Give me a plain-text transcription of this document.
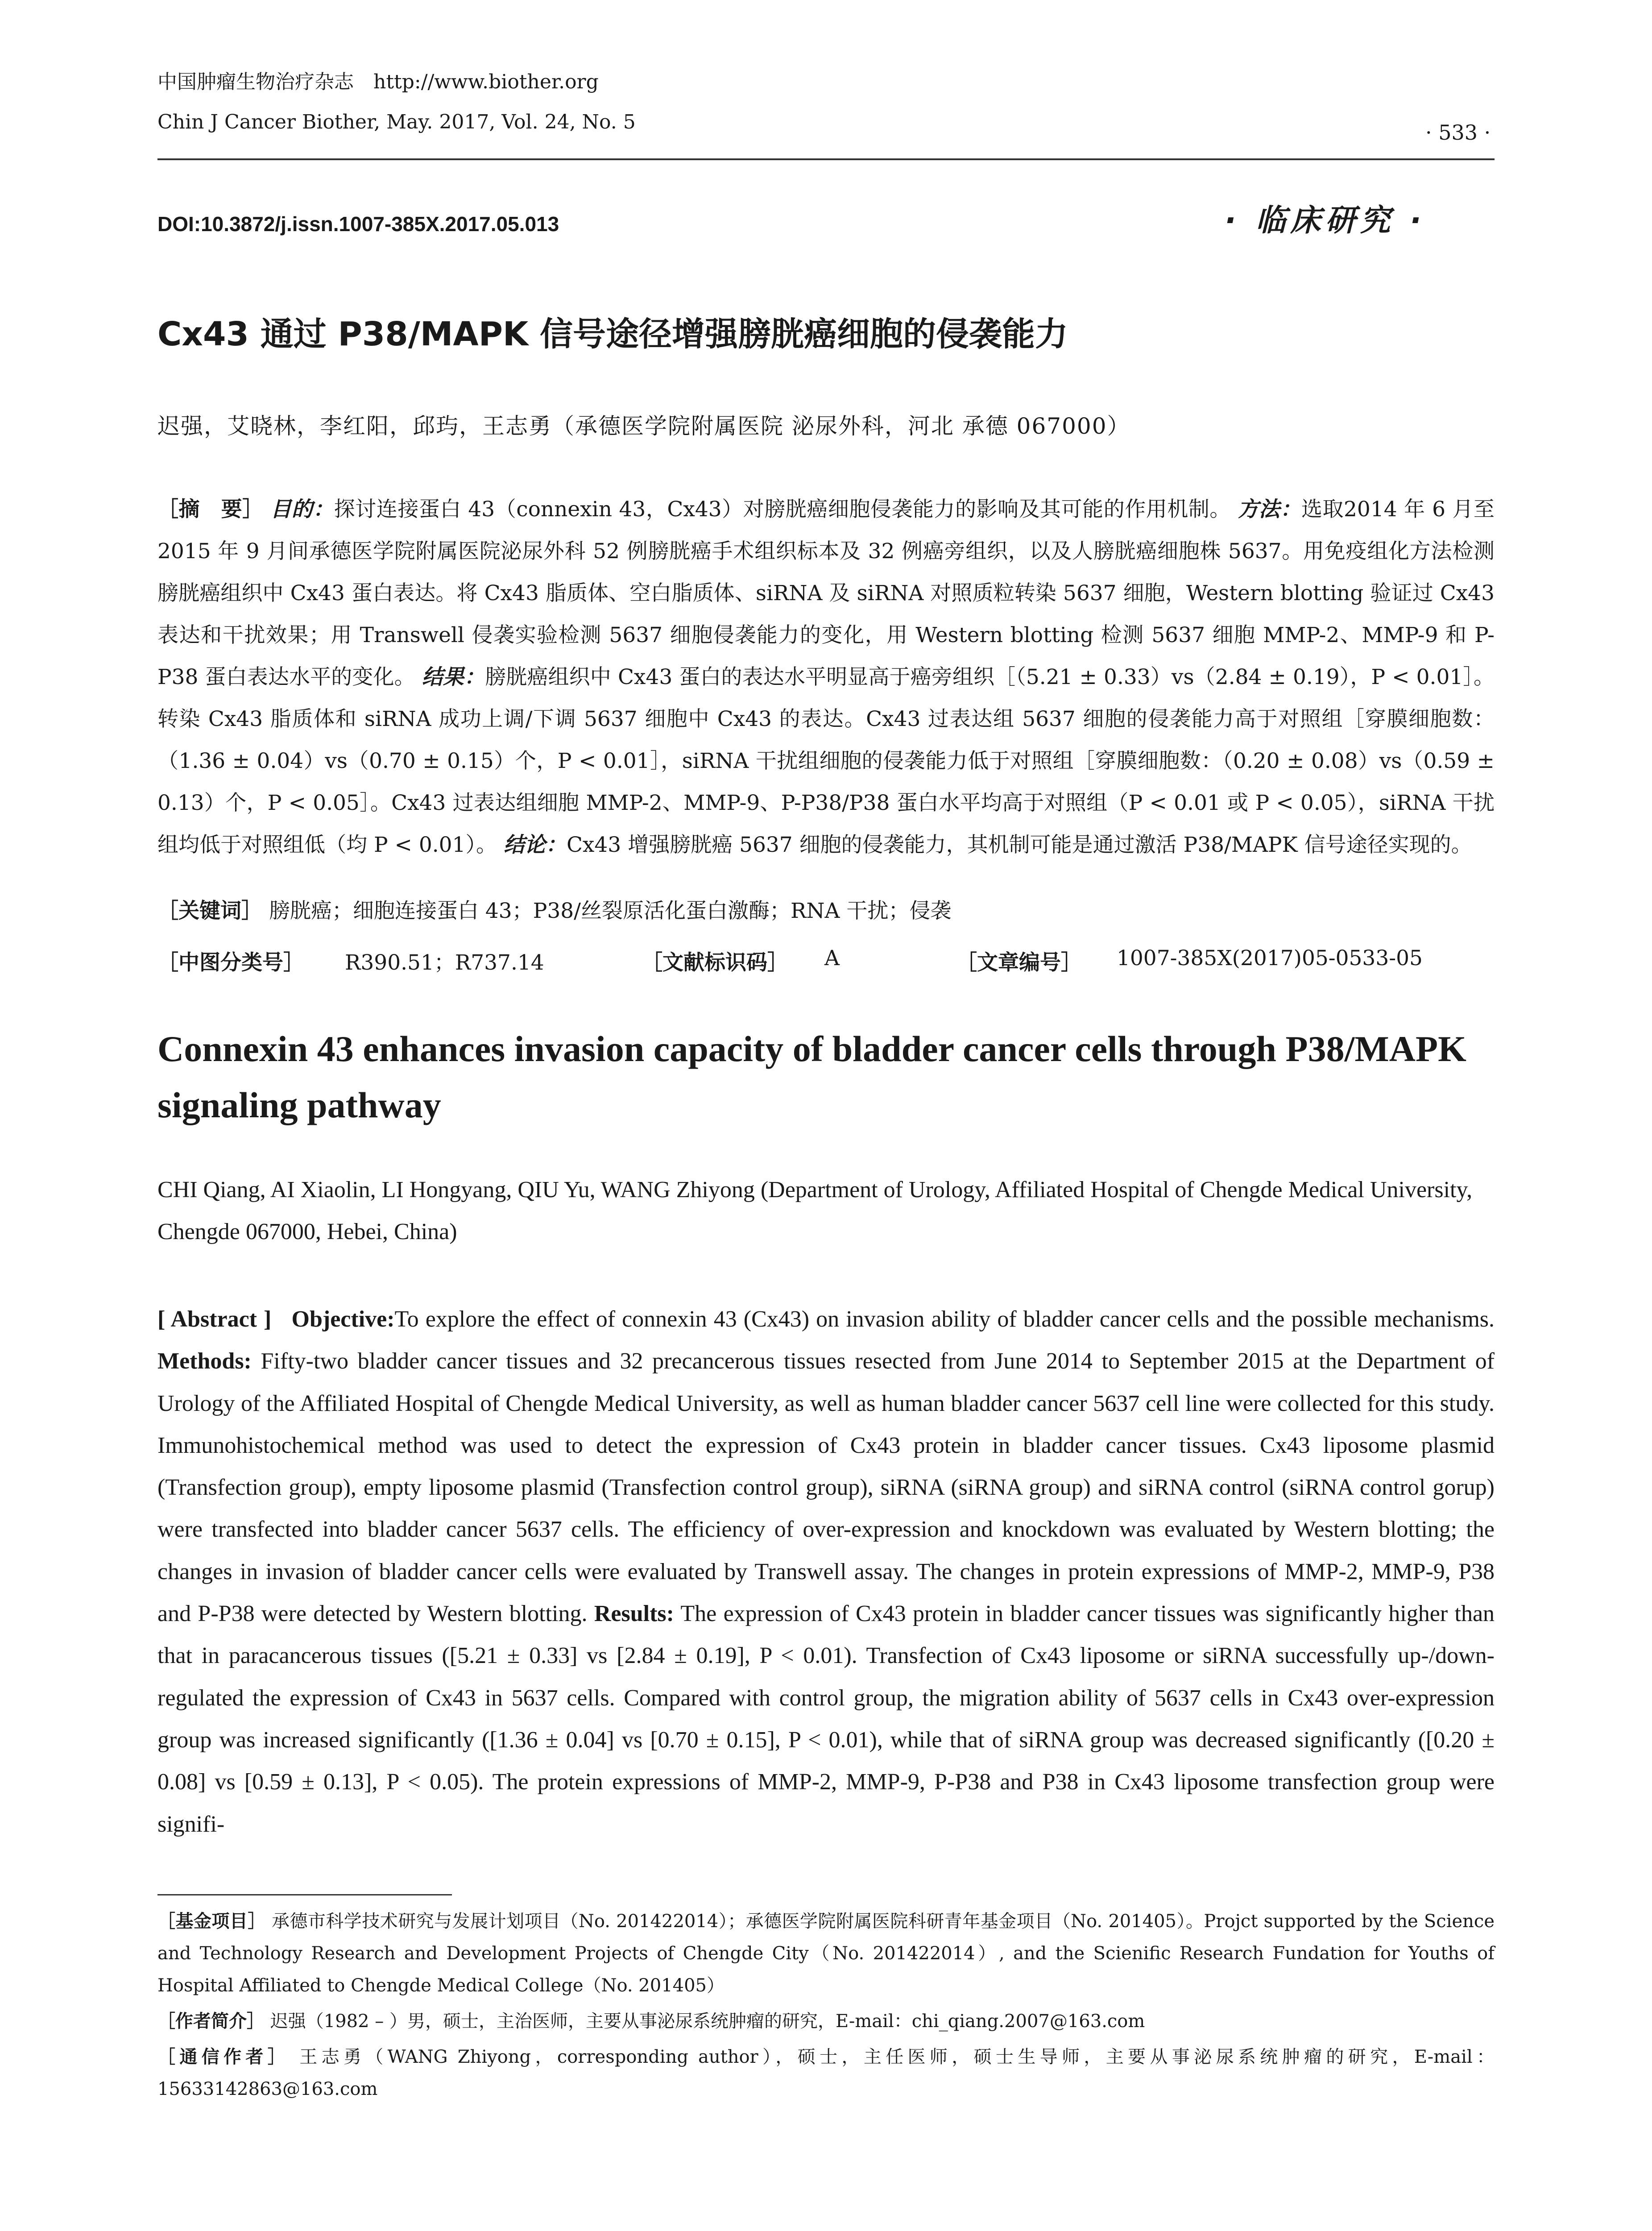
中国肿瘤生物治疗杂志　http://www.biother.org
Chin J Cancer Biother, May. 2017, Vol. 24, No. 5	· 533 ·
DOI:10.3872/j.issn.1007-385X.2017.05.013	· 临床研究 ·
Cx43 通过 P38/MAPK 信号途径增强膀胱癌细胞的侵袭能力
迟强，艾晓林，李红阳，邱玙，王志勇（承德医学院附属医院 泌尿外科，河北 承德 067000）

［摘　要］ 目的：探讨连接蛋白 43（connexin 43，Cx43）对膀胱癌细胞侵袭能力的影响及其可能的作用机制。 方法：选取2014 年 6 月至 2015 年 9 月间承德医学院附属医院泌尿外科 52 例膀胱癌手术组织标本及 32 例癌旁组织，以及人膀胱癌细胞株 5637。用免疫组化方法检测膀胱癌组织中 Cx43 蛋白表达。将 Cx43 脂质体、空白脂质体、siRNA 及 siRNA 对照质粒转染 5637 细胞，Western blotting 验证过 Cx43 表达和干扰效果；用 Transwell 侵袭实验检测 5637 细胞侵袭能力的变化，用 Western blotting 检测 5637 细胞 MMP-2、MMP-9 和 P-P38 蛋白表达水平的变化。 结果：膀胱癌组织中 Cx43 蛋白的表达水平明显高于癌旁组织［（5.21 ± 0.33）vs（2.84 ± 0.19），P < 0.01］。转染 Cx43 脂质体和 siRNA 成功上调/下调 5637 细胞中 Cx43 的表达。Cx43 过表达组 5637 细胞的侵袭能力高于对照组［穿膜细胞数：（1.36 ± 0.04）vs（0.70 ± 0.15）个，P < 0.01］，siRNA 干扰组细胞的侵袭能力低于对照组［穿膜细胞数：（0.20 ± 0.08）vs（0.59 ± 0.13）个，P < 0.05］。Cx43 过表达组细胞 MMP-2、MMP-9、P-P38/P38 蛋白水平均高于对照组（P < 0.01 或 P < 0.05），siRNA 干扰组均低于对照组低（均 P < 0.01）。 结论：Cx43 增强膀胱癌 5637 细胞的侵袭能力，其机制可能是通过激活 P38/MAPK 信号途径实现的。

［关键词］ 膀胱癌；细胞连接蛋白 43；P38/丝裂原活化蛋白激酶；RNA 干扰；侵袭
［中图分类号］ R390.51；R737.14	［文献标识码］ A	［文章编号］ 1007-385X(2017)05-0533-05
Connexin 43 enhances invasion capacity of bladder cancer cells through P38/MAPK signaling pathway
CHI Qiang, AI Xiaolin, LI Hongyang, QIU Yu, WANG Zhiyong (Department of Urology, Affiliated Hospital of Chengde Medical University, Chengde 067000, Hebei, China)
[ Abstract ] Objective:To explore the effect of connexin 43 (Cx43) on invasion ability of bladder cancer cells and the possible mechanisms. Methods: Fifty-two bladder cancer tissues and 32 precancerous tissues resected from June 2014 to September 2015 at the Department of Urology of the Affiliated Hospital of Chengde Medical University, as well as human bladder cancer 5637 cell line were collected for this study. Immunohistochemical method was used to detect the expression of Cx43 protein in bladder cancer tissues. Cx43 liposome plasmid (Transfection group), empty liposome plasmid (Transfection control group), siRNA (siRNA group) and siRNA control (siRNA control gorup) were transfected into bladder cancer 5637 cells. The efficiency of over-expression and knockdown was evaluated by Western blotting; the changes in invasion of bladder cancer cells were evaluated by Transwell assay. The changes in protein expressions of MMP-2, MMP-9, P38 and P-P38 were detected by Western blotting. Results: The expression of Cx43 protein in bladder cancer tissues was significantly higher than that in paracancerous tissues ([5.21 ± 0.33] vs [2.84 ± 0.19], P < 0.01). Transfection of Cx43 liposome or siRNA successfully up-/down-regulated the expression of Cx43 in 5637 cells. Compared with control group, the migration ability of 5637 cells in Cx43 over-expression group was increased significantly ([1.36 ± 0.04] vs [0.70 ± 0.15], P < 0.01), while that of siRNA group was decreased significantly ([0.20 ± 0.08] vs [0.59 ± 0.13], P < 0.05). The protein expressions of MMP-2, MMP-9, P-P38 and P38 in Cx43 liposome transfection group were signifi-

［基金项目］ 承德市科学技术研究与发展计划项目（No. 201422014）；承德医学院附属医院科研青年基金项目（No. 201405）。Projct supported by the Science and Technology Research and Development Projects of Chengde City（No. 201422014）, and the Scienific Research Fundation for Youths of Hospital Affiliated to Chengde Medical College（No. 201405）

［作者简介］ 迟强（1982 – ）男，硕士，主治医师，主要从事泌尿系统肿瘤的研究，E-mail：chi_qiang.2007@163.com

［通信作者］ 王志勇（WANG Zhiyong，corresponding author），硕士，主任医师，硕士生导师，主要从事泌尿系统肿瘤的研究，E-mail：15633142863@163.com
